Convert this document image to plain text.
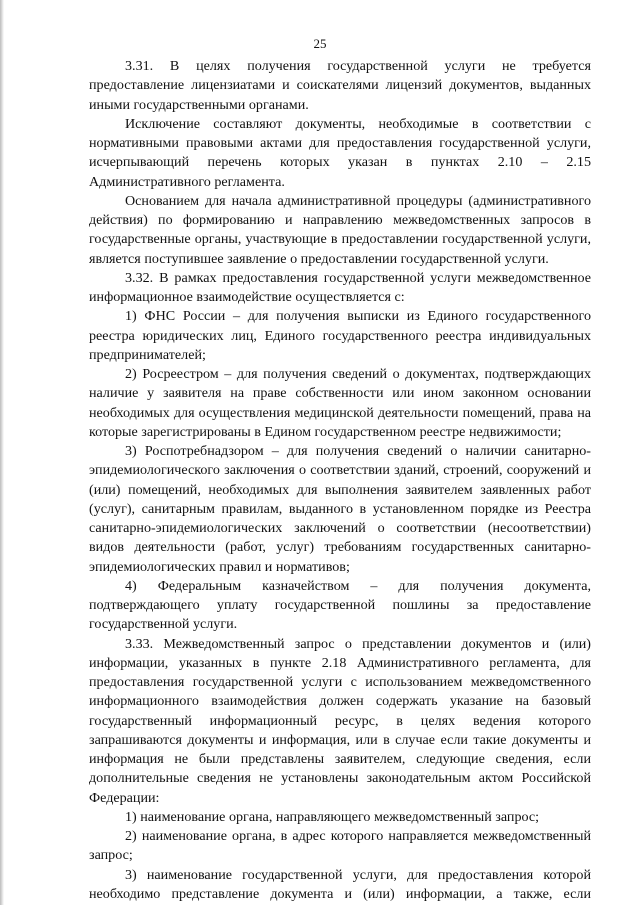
25

3.31. В целях получения государственной услуги не требуется предоставление лицензиатами и соискателями лицензий документов, выданных иными государственными органами.

Исключение составляют документы, необходимые в соответствии с нормативными правовыми актами для предоставления государственной услуги, исчерпывающий перечень которых указан в пунктах 2.10 – 2.15 Административного регламента.

Основанием для начала административной процедуры (административного действия) по формированию и направлению межведомственных запросов в государственные органы, участвующие в предоставлении государственной услуги, является поступившее заявление о предоставлении государственной услуги.

3.32. В рамках предоставления государственной услуги межведомственное информационное взаимодействие осуществляется с:

1) ФНС России – для получения выписки из Единого государственного реестра юридических лиц, Единого государственного реестра индивидуальных предпринимателей;

2) Росреестром – для получения сведений о документах, подтверждающих наличие у заявителя на праве собственности или ином законном основании необходимых для осуществления медицинской деятельности помещений, права на которые зарегистрированы в Едином государственном реестре недвижимости;

3) Роспотребнадзором – для получения сведений о наличии санитарно-эпидемиологического заключения о соответствии зданий, строений, сооружений и (или) помещений, необходимых для выполнения заявителем заявленных работ (услуг), санитарным правилам, выданного в установленном порядке из Реестра санитарно-эпидемиологических заключений о соответствии (несоответствии) видов деятельности (работ, услуг) требованиям государственных санитарно-эпидемиологических правил и нормативов;

4) Федеральным казначейством – для получения документа, подтверждающего уплату государственной пошлины за предоставление государственной услуги.

3.33. Межведомственный запрос о представлении документов и (или) информации, указанных в пункте 2.18 Административного регламента, для предоставления государственной услуги с использованием межведомственного информационного взаимодействия должен содержать указание на базовый государственный информационный ресурс, в целях ведения которого запрашиваются документы и информация, или в случае если такие документы и информация не были представлены заявителем, следующие сведения, если дополнительные сведения не установлены законодательным актом Российской Федерации:

1) наименование органа, направляющего межведомственный запрос;

2) наименование органа, в адрес которого направляется межведомственный запрос;

3) наименование государственной услуги, для предоставления которой необходимо представление документа и (или) информации, а также, если
